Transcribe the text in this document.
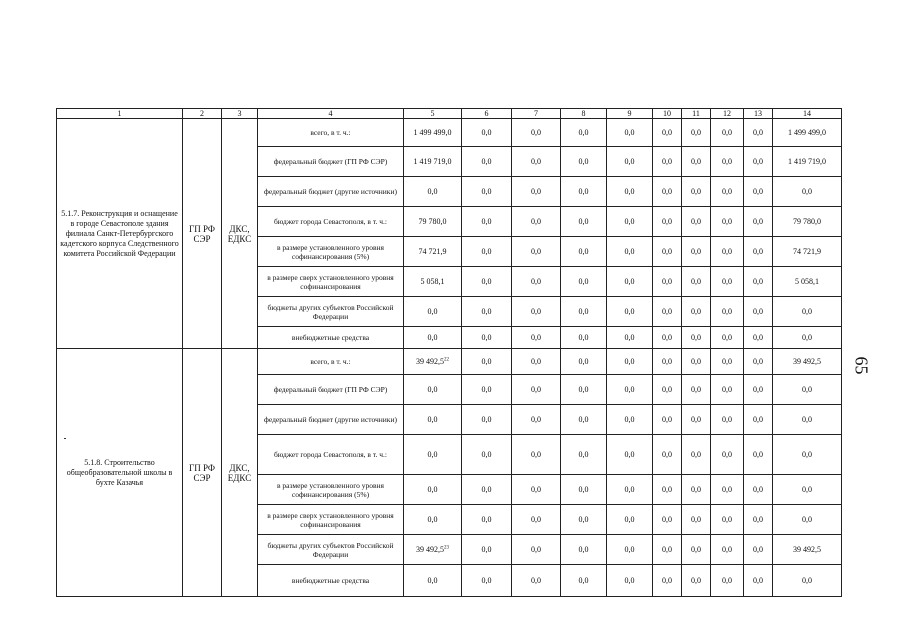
1	2	3	4	5	6	7	8	9	10	11	12	13	14
5.1.7. Реконструкция и оснащение в городе Севастополе здания филиала Санкт-Петербургского кадетского корпуса Следственного комитета Российской Федерации	ГП РФ СЭР	ДКС, ЕДКС	всего, в т. ч.:	1 499 499,0	0,0	0,0	0,0	0,0	0,0	0,0	0,0	0,0	1 499 499,0
			федеральный бюджет (ГП РФ СЭР)	1 419 719,0	0,0	0,0	0,0	0,0	0,0	0,0	0,0	0,0	1 419 719,0
			федеральный бюджет (другие источники)	0,0	0,0	0,0	0,0	0,0	0,0	0,0	0,0	0,0	0,0
			бюджет города Севастополя, в т. ч.:	79 780,0	0,0	0,0	0,0	0,0	0,0	0,0	0,0	0,0	79 780,0
			в размере установленного уровня софинансирования (5%)	74 721,9	0,0	0,0	0,0	0,0	0,0	0,0	0,0	0,0	74 721,9
			в размере сверх установленного уровня софинансирования	5 058,1	0,0	0,0	0,0	0,0	0,0	0,0	0,0	0,0	5 058,1
			бюджеты других субъектов Российской Федерации	0,0	0,0	0,0	0,0	0,0	0,0	0,0	0,0	0,0	0,0
			внебюджетные средства	0,0	0,0	0,0	0,0	0,0	0,0	0,0	0,0	0,0	0,0
5.1.8. Строительство общеобразовательной школы в бухте Казачья	ГП РФ СЭР	ДКС, ЕДКС	всего, в т. ч.:	39 492,5$^{22}$	0,0	0,0	0,0	0,0	0,0	0,0	0,0	0,0	39 492,5
			федеральный бюджет (ГП РФ СЭР)	0,0	0,0	0,0	0,0	0,0	0,0	0,0	0,0	0,0	0,0
			федеральный бюджет (другие источники)	0,0	0,0	0,0	0,0	0,0	0,0	0,0	0,0	0,0	0,0
			бюджет города Севастополя, в т. ч.:	0,0	0,0	0,0	0,0	0,0	0,0	0,0	0,0	0,0	0,0
			в размере установленного уровня софинансирования (5%)	0,0	0,0	0,0	0,0	0,0	0,0	0,0	0,0	0,0	0,0
			в размере сверх установленного уровня софинансирования	0,0	0,0	0,0	0,0	0,0	0,0	0,0	0,0	0,0	0,0
			бюджеты других субъектов Российской Федерации	39 492,5$^{23}$	0,0	0,0	0,0	0,0	0,0	0,0	0,0	0,0	39 492,5
			внебюджетные средства	0,0	0,0	0,0	0,0	0,0	0,0	0,0	0,0	0,0	0,0
65
